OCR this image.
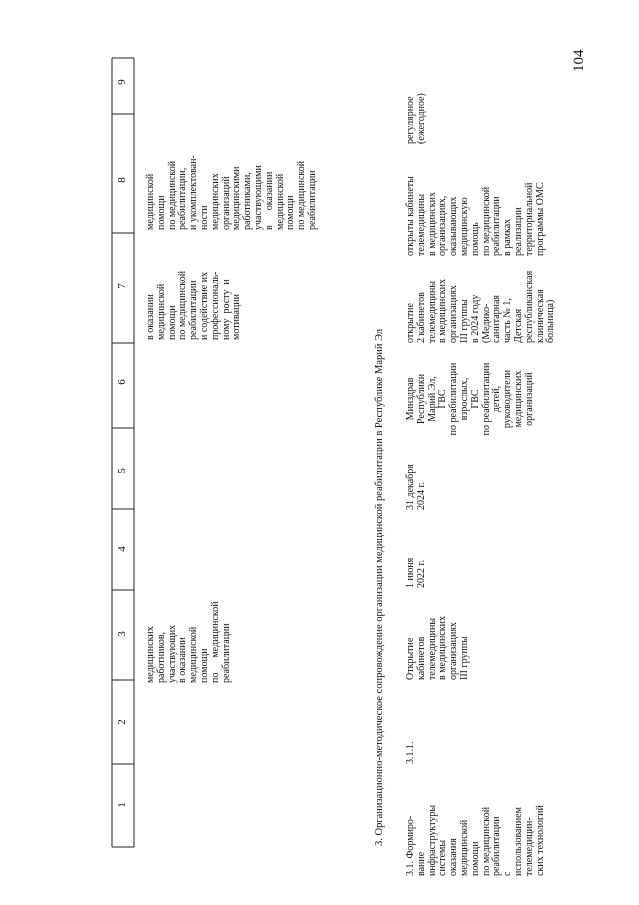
104
9
8
7
6
5
4
3
2
1
медицинских
работников,
участвующих
в оказании
медицинской
помощи
по      медицинской
реабилитации
в оказании
медицинской
помощи
по медицинской
реабилитации
и содействие их
профессиональ-
ному  росту  и
мотивации
медицинской
помощи
по медицинской
реабилитации,
и укомплектован-
ности
медицинских
организаций
медицинскими
работниками,
участвующими
в      оказании
медицинской
помощи
по медицинской
реабилитации
3. Организационно-методическое сопровождение организации медицинской реабилитации в Республике Марий Эл
3.1. Формиро-
вание
инфраструктуры
системы
оказания
медицинской
помощи
по медицинской
реабилитации
с
использованием
телемедицин-
ских технологий
3.1.1.
Открытие
кабинетов
телемедицины
в медицинских
организациях
III группы
1 июня
2022 г.
31 декабря
2024 г.
Минздрав
Республики
Марий Эл,
ГВС
по реабилитации
взрослых,
ГВС
по реабилитации
детей,
руководители
медицинских
организаций
открытие
2 кабинетов
телемедицины
в медицинских
организациях
III группы
в 2024 году
(Медико-
санитарная
часть № 1,
Детская
республиканская
клиническая
больница)
открыты кабинеты
телемедицины
в медицинских
организациях,
оказывающих
медицинскую
помощь
по медицинской
реабилитации
в рамках
реализации
территориальной
программы ОМС
регулярное
(ежегодное)
